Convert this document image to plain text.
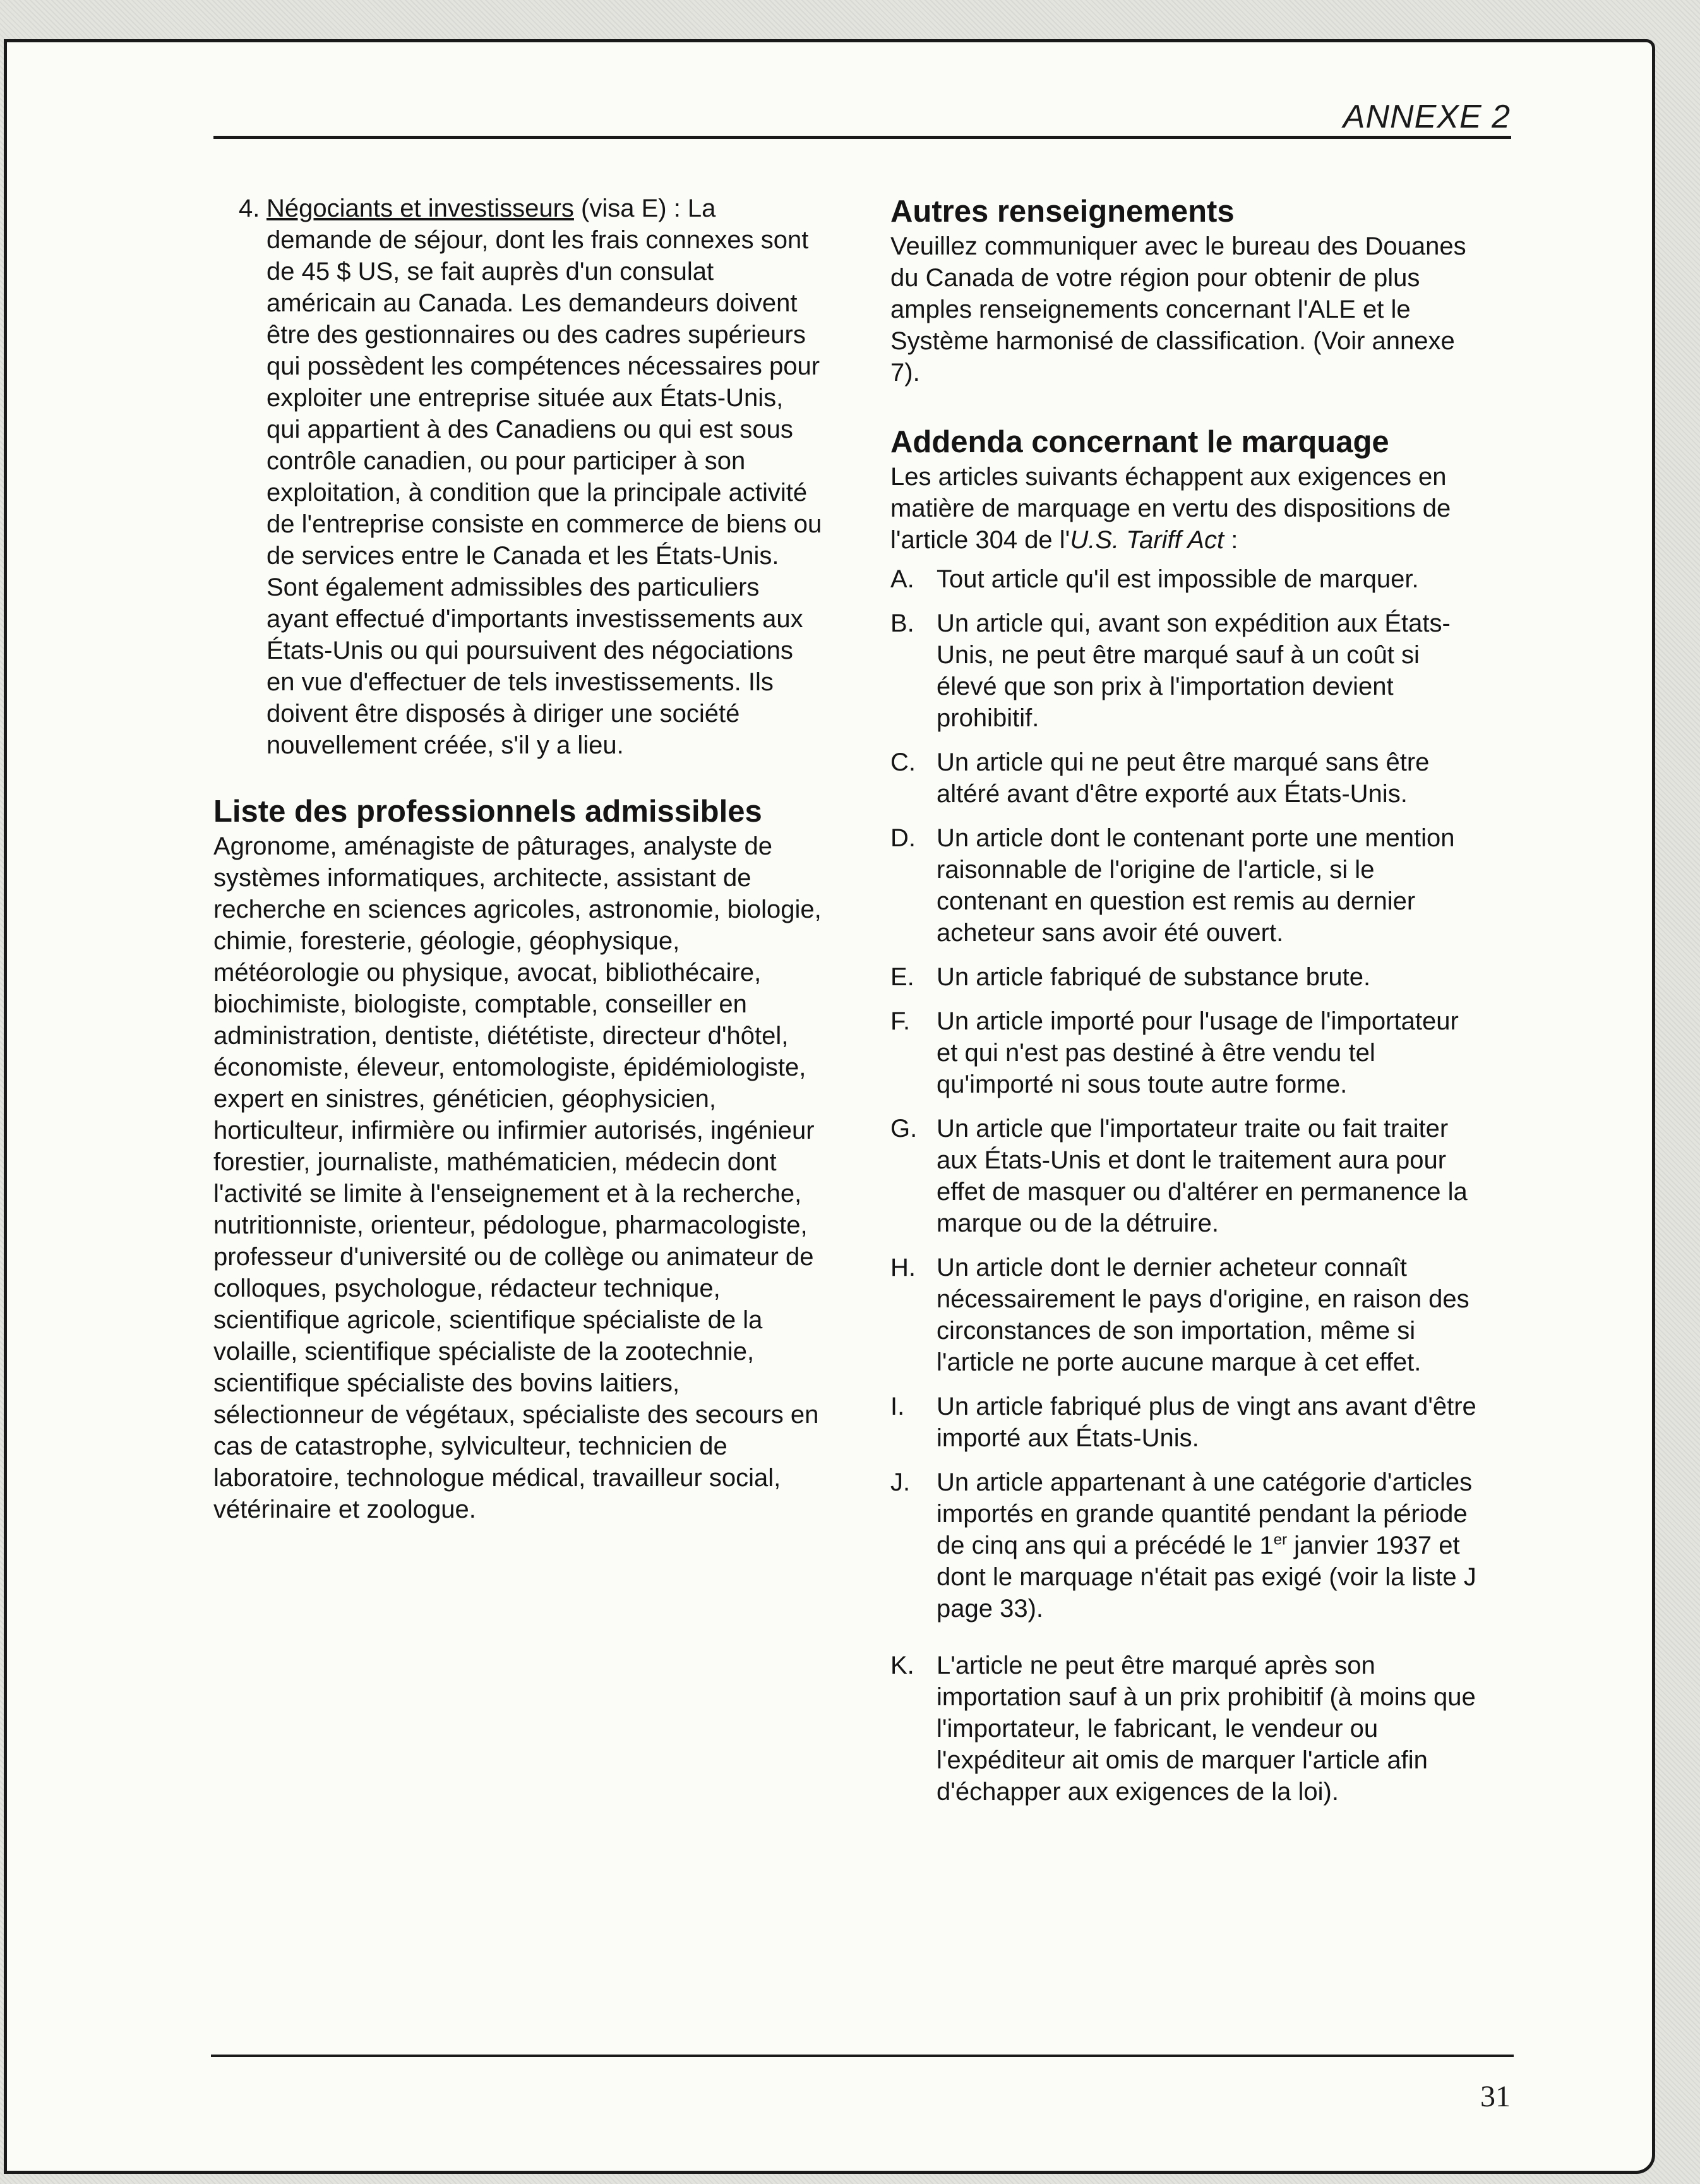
ANNEXE 2
4. Négociants et investisseurs (visa E) : La demande de séjour, dont les frais connexes sont de 45 $ US, se fait auprès d'un consulat américain au Canada. Les demandeurs doivent être des gestionnaires ou des cadres supérieurs qui possèdent les compétences nécessaires pour exploiter une entreprise située aux États-Unis, qui appartient à des Canadiens ou qui est sous contrôle canadien, ou pour participer à son exploitation, à condition que la principale activité de l'entreprise consiste en commerce de biens ou de services entre le Canada et les États-Unis. Sont également admissibles des particuliers ayant effectué d'importants investissements aux États-Unis ou qui poursuivent des négociations en vue d'effectuer de tels investissements. Ils doivent être disposés à diriger une société nouvellement créée, s'il y a lieu.
Liste des professionnels admissibles

Agronome, aménagiste de pâturages, analyste de systèmes informatiques, architecte, assistant de recherche en sciences agricoles, astronomie, biologie, chimie, foresterie, géologie, géophysique, météorologie ou physique, avocat, bibliothécaire, biochimiste, biologiste, comptable, conseiller en administration, dentiste, diététiste, directeur d'hôtel, économiste, éleveur, entomologiste, épidémiologiste, expert en sinistres, généticien, géophysicien, horticulteur, infirmière ou infirmier autorisés, ingénieur forestier, journaliste, mathématicien, médecin dont l'activité se limite à l'enseignement et à la recherche, nutritionniste, orienteur, pédologue, pharmacologiste, professeur d'université ou de collège ou animateur de colloques, psychologue, rédacteur technique, scientifique agricole, scientifique spécialiste de la volaille, scientifique spécialiste de la zootechnie, scientifique spécialiste des bovins laitiers, sélectionneur de végétaux, spécialiste des secours en cas de catastrophe, sylviculteur, technicien de laboratoire, technologue médical, travailleur social, vétérinaire et zoologue.

Autres renseignements

Veuillez communiquer avec le bureau des Douanes du Canada de votre région pour obtenir de plus amples renseignements concernant l'ALE et le Système harmonisé de classification. (Voir annexe 7).

Addenda concernant le marquage

Les articles suivants échappent aux exigences en matière de marquage en vertu des dispositions de l'article 304 de l'U.S. Tariff Act :

A. Tout article qu'il est impossible de marquer.
B. Un article qui, avant son expédition aux États-Unis, ne peut être marqué sauf à un coût si élevé que son prix à l'importation devient prohibitif.
C. Un article qui ne peut être marqué sans être altéré avant d'être exporté aux États-Unis.
D. Un article dont le contenant porte une mention raisonnable de l'origine de l'article, si le contenant en question est remis au dernier acheteur sans avoir été ouvert.
E. Un article fabriqué de substance brute.
F.	Un article importé pour l'usage de l'importateur et qui n'est pas destiné à être vendu tel qu'importé ni sous toute autre forme.
G. Un article que l'importateur traite ou fait traiter aux États-Unis et dont le traitement aura pour effet de masquer ou d'altérer en permanence la marque ou de la détruire.
H. Un article dont le dernier acheteur connaît nécessairement le pays d'origine, en raison des circonstances de son importation, même si l'article ne porte aucune marque à cet effet.
I.	Un article fabriqué plus de vingt ans avant d'être importé aux États-Unis.
J.	Un article appartenant à une catégorie d'articles importés en grande quantité pendant la période de cinq ans qui a précédé le 1er janvier 1937 et dont le marquage n'était pas exigé (voir la liste J page 33).
K. L'article ne peut être marqué après son importation sauf à un prix prohibitif (à moins que l'importateur, le fabricant, le vendeur ou l'expéditeur ait omis de marquer l'article afin d'échapper aux exigences de la loi).
31
